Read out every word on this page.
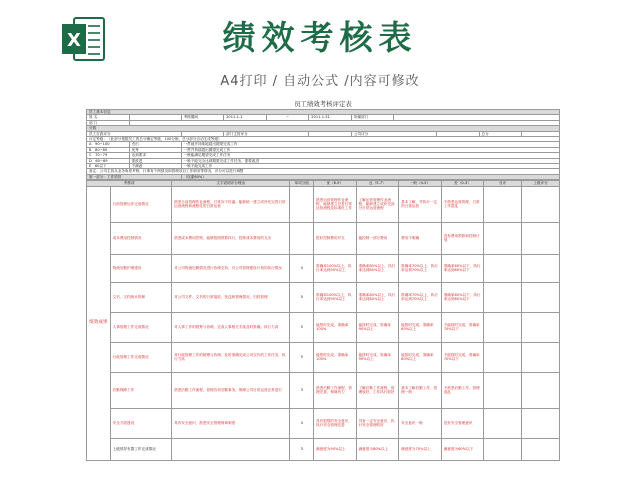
X	绩效考核表
A4打印 / 自动公式 /内容可修改
员工绩效考核评定表										
员工基本信息										
姓 名		考核期间	2011-1-1	~	2011-1-31	所属部门				
部 门										
分数										
员工自我评分			部门主管评分			公司评分			总分	
评定等级：（此部分根据员工的总分确定等级，100分制，总分部分自动生成等级）										
A　90~100	杰出	一贯地并持续地超出期望完成工作								
B　80~89	优秀	一贯并持续超出期望完成工作								
C　70~79	达到要求	一般能满足期望完成工作任务								
D　60~69	需改进	一般不能完全达到期望完成工作任务，需要改进								
E　60以下	不满意	一般不能完成工作								
备注：公司主管从业务角度考核，行事有个例情况和管理项目工作职务等情况，评分可以进行调整										
第一部分：工作绩效		（权重60%）								
考核项		文字说明评分理由	单项分值	优（8-9）	良（5-7）	一般（4-5）	差（0-3）	自评	上级评分
绩效成果	日前管理运作完成情况	熟悉日前管理作业流程，日常向下传逼。能够统一建立或补充完善日常运营流程和流程化的日常运营		熟悉运营管理作业流程，能够建立完善日常运营流程及标准化工作	了解运营管理作业流程，能够建立或补充部分日常运营流程	基本了解，并执行一定的日常运营	不熟悉运营管理，日常工作混乱		
	成本费用控制情况	熟悉成本费用控制，能够按照预算执行，控制成本费用的支出		很好控制费用开支	能控制一部分费用	费用不明确	没有费用预算和控制计划		
	物流后勤护理建设	对公司物流后勤情况进行协调支持，对公司管理建设计划的执行情况	4	准确率100%以上，执行率达到90%以上	准确率80%以上，执行率达到80%以上	准确率70%以上，执行率达到70%以上	准确率60%以下，执行率达到60%以下		
	文书、文档统计管理	对公司文件、文书的日常接收，发送和管理情况，归档管理	5	准确率100%以上，执行率达到90%以上	准确率80%以上，执行率达到80%以上	准确率70%以上，执行率达到70%以上	准确率60%以下，执行率达到60%以下		
	人事管理工作完成情况	对人事工作的统筹与协调，完成人事相关手续及时准确，执行力高	5	能按时完成，准确率100%	能按时完成，准确率90%以上	能按时完成，准确率80%以上	不能按时完成，准确率70%以下		
	行政管理工作完成情况	对行政管理工作的统筹与协调，及时准确完成公司交代的工作任务，执行力高	5	能按时完成，准确率100%	能按时完成，准确率90%以上	能按时完成，准确率80%以上	不能按时完成，准确率70%以下		
	后勤保障工作	熟悉后勤工作流程，管理各项后勤事务，保障公司日常运营正常进行	3	熟悉后勤工作流程，管理完善，保障有力	了解后勤工作流程，管理较好，工作执行较好	基本了解后勤工作，管理一般	不熟悉后勤工作，管理混乱		
	安全方面建设	具有安全意识，熟悉安全管理规章制度	4	具有很强的安全意识，执行安全管理完善	具有一定安全意识，执行安全管理较好	安全意识一般	没有安全管理意识		
	上级领导布置工作完成情况		3	满意度为90%以上	满意度为80%以上	满意度为70%以上	满意度为60%以下		
